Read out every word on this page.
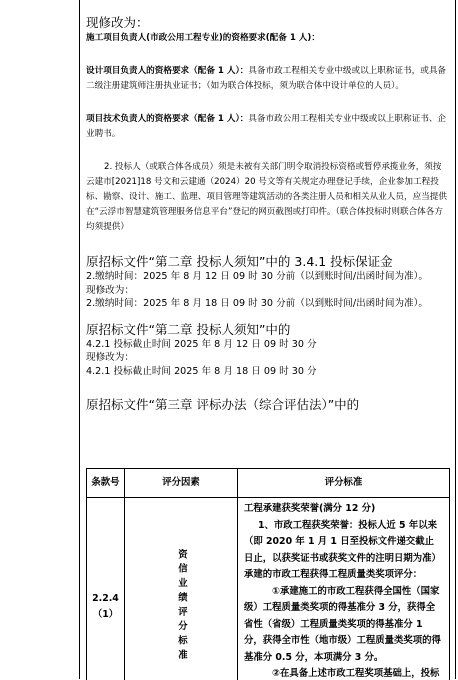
现修改为：

施工项目负责人(市政公用工程专业)的资格要求(配备 1 人)：

设计项目负责人的资格要求（配备 1 人）：具备市政工程相关专业中级或以上职称证书，或具备二级注册建筑师注册执业证书；（如为联合体投标，须为联合体中设计单位的人员）。

项目技术负责人的资格要求（配备 1 人）：具备市政公用工程相关专业中级或以上职称证书、企业聘书。

2. 投标人（或联合体各成员）须是未被有关部门明令取消投标资格或暂停承揽业务，须按云建市[2021]18 号文和云建通（2024）20 号文等有关规定办理登记手续，企业参加工程投标、勘察、设计、施工、监理、项目管理等建筑活动的各类注册人员和相关从业人员，应当提供在“云浮市智慧建筑管理服务信息平台”登记的网页截图或打印件。（联合体投标时则联合体各方均须提供）

原招标文件“第二章 投标人须知”中的 3.4.1 投标保证金

2.缴纳时间：2025 年 8 月 12 日 09 时 30 分前（以到账时间/出函时间为准）。

现修改为：

2.缴纳时间：2025 年 8 月 18 日 09 时 30 分前（以到账时间/出函时间为准）。

原招标文件“第二章 投标人须知”中的

4.2.1 投标截止时间 2025 年 8 月 12 日 09 时 30 分

现修改为：

4.2.1 投标截止时间 2025 年 8 月 18 日 09 时 30 分

原招标文件“第三章 评标办法（综合评估法）”中的

条款号	评分因素	评分标准
2.2.4（1）	资信业绩评分标准	工程承建获奖荣誉(满分 12 分)

1、市政工程获奖荣誉：投标人近 5 年以来（即 2020 年 1 月 1 日至投标文件递交截止日止，以获奖证书或获奖文件的注明日期为准）承建的市政工程获得工程质量类奖项评分：

①承建施工的市政工程获得全国性（国家级）工程质量类奖项的得基准分 3 分，获得全省性（省级）工程质量类奖项的得基准分 1 分，获得全市性（地市级）工程质量类奖项的得基准分 0.5 分，本项满分 3 分。

②在具备上述市政工程奖项基础上，投标
